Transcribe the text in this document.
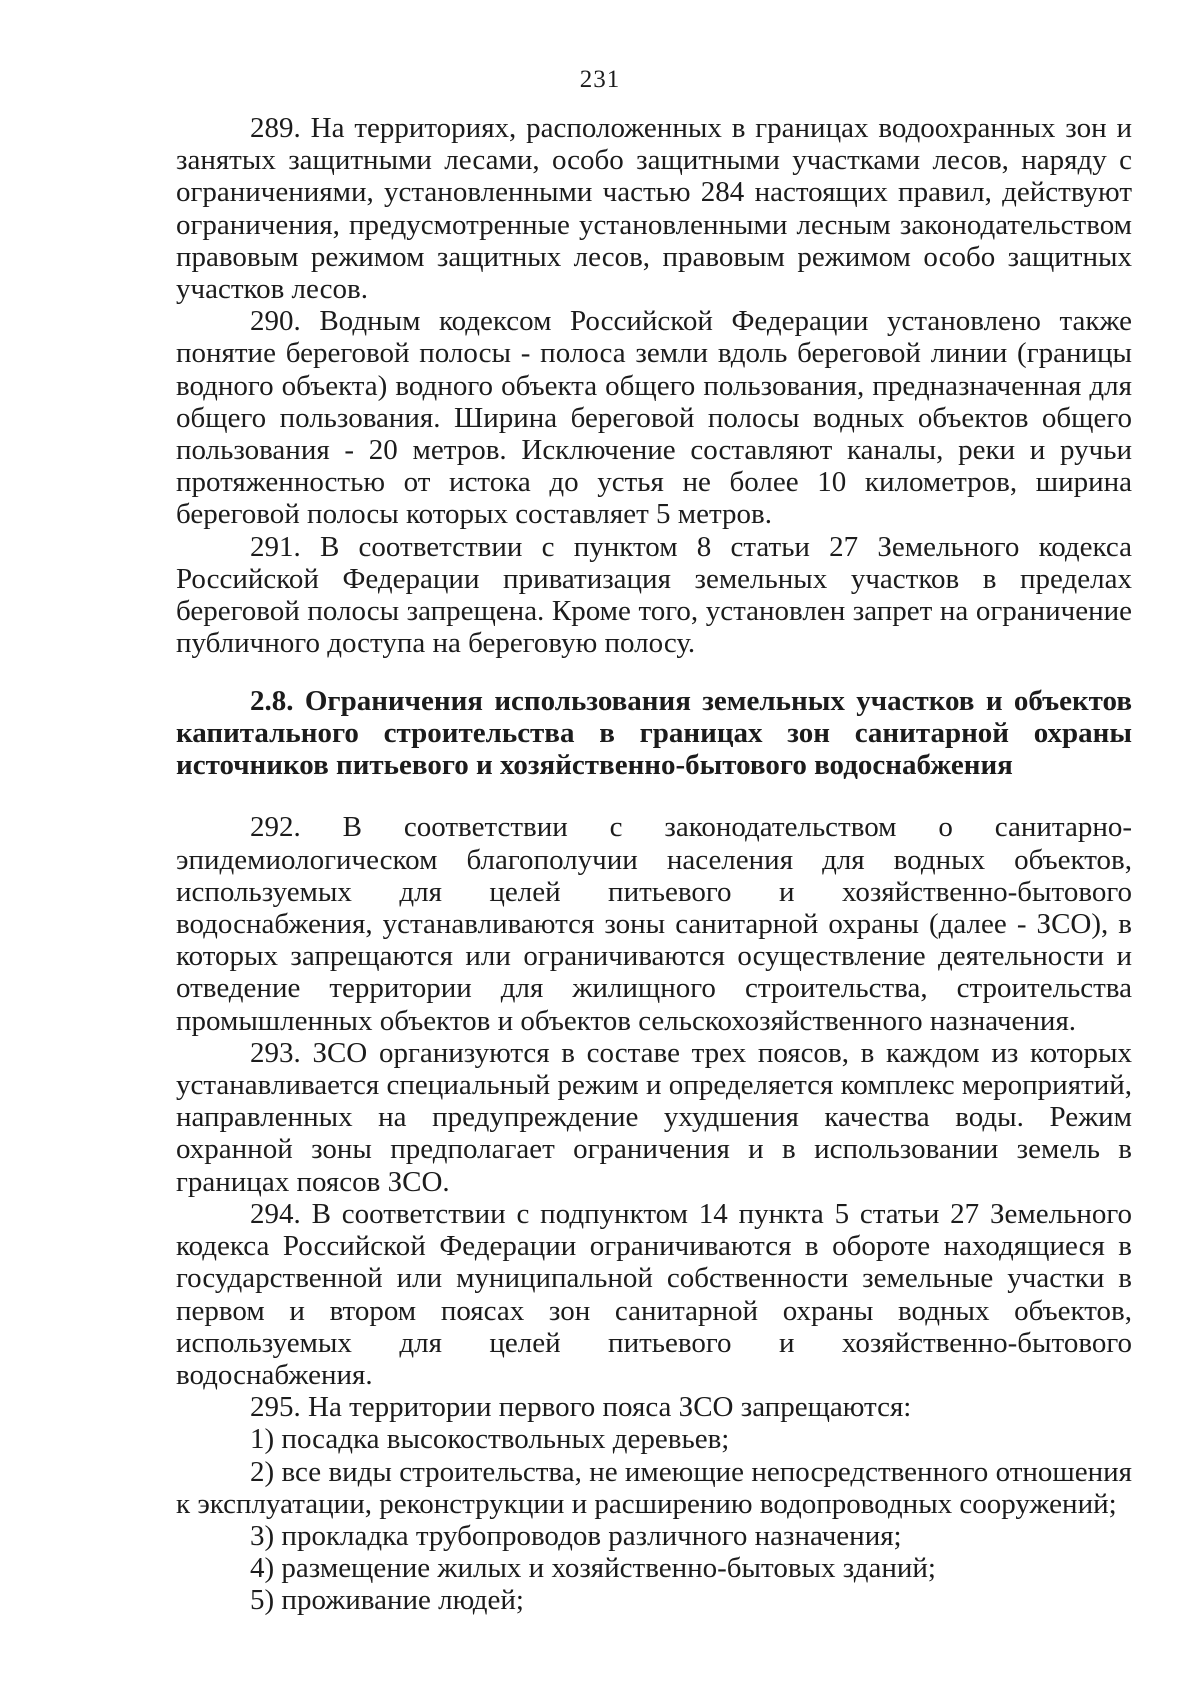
231

289. На территориях, расположенных в границах водоохранных зон и занятых защитными лесами, особо защитными участками лесов, наряду с ограничениями, установленными частью 284 настоящих правил, действуют ограничения, предусмотренные установленными лесным законодательством правовым режимом защитных лесов, правовым режимом особо защитных участков лесов.

290. Водным кодексом Российской Федерации установлено также понятие береговой полосы - полоса земли вдоль береговой линии (границы водного объекта) водного объекта общего пользования, предназначенная для общего пользования. Ширина береговой полосы водных объектов общего пользования - 20 метров. Исключение составляют каналы, реки и ручьи протяженностью от истока до устья не более 10 километров, ширина береговой полосы которых составляет 5 метров.

291. В соответствии с пунктом 8 статьи 27 Земельного кодекса Российской Федерации приватизация земельных участков в пределах береговой полосы запрещена. Кроме того, установлен запрет на ограничение публичного доступа на береговую полосу.

2.8. Ограничения использования земельных участков и объектов капитального строительства в границах зон санитарной охраны источников питьевого и хозяйственно-бытового водоснабжения

292. В соответствии с законодательством о санитарно-эпидемиологическом благополучии населения для водных объектов, используемых для целей питьевого и хозяйственно-бытового водоснабжения, устанавливаются зоны санитарной охраны (далее - ЗСО), в которых запрещаются или ограничиваются осуществление деятельности и отведение территории для жилищного строительства, строительства промышленных объектов и объектов сельскохозяйственного назначения.

293. ЗСО организуются в составе трех поясов, в каждом из которых устанавливается специальный режим и определяется комплекс мероприятий, направленных на предупреждение ухудшения качества воды. Режим охранной зоны предполагает ограничения и в использовании земель в границах поясов ЗСО.

294. В соответствии с подпунктом 14 пункта 5 статьи 27 Земельного кодекса Российской Федерации ограничиваются в обороте находящиеся в государственной или муниципальной собственности земельные участки в первом и втором поясах зон санитарной охраны водных объектов, используемых для целей питьевого и хозяйственно-бытового водоснабжения.

295. На территории первого пояса ЗСО запрещаются:

1) посадка высокоствольных деревьев;

2) все виды строительства, не имеющие непосредственного отношения к эксплуатации, реконструкции и расширению водопроводных сооружений;

3) прокладка трубопроводов различного назначения;

4) размещение жилых и хозяйственно-бытовых зданий;

5) проживание людей;
